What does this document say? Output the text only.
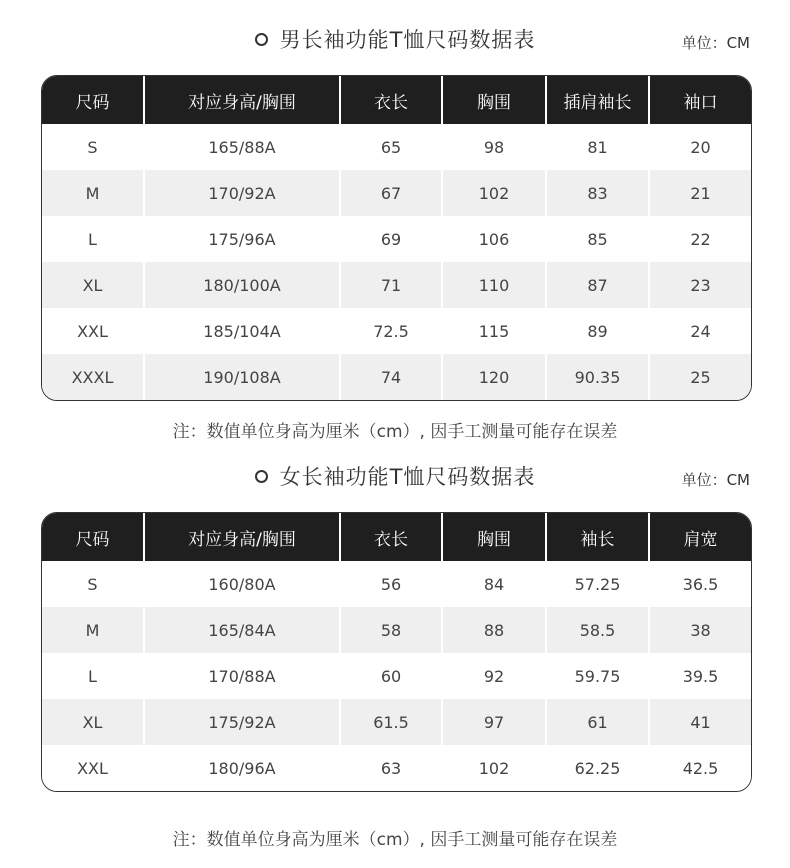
男长袖功能T恤尺码数据表	单位：CM
尺码	对应身高/胸围	衣长	胸围	插肩袖长	袖口
S	165/88A	65	98	81	20
M	170/92A	67	102	83	21
L	175/96A	69	106	85	22
XL	180/100A	71	110	87	23
XXL	185/104A	72.5	115	89	24
XXXL	190/108A	74	120	90.35	25
注：数值单位身高为厘米（cm）, 因手工测量可能存在误差
女长袖功能T恤尺码数据表	单位：CM
尺码	对应身高/胸围	衣长	胸围	袖长	肩宽
S	160/80A	56	84	57.25	36.5
M	165/84A	58	88	58.5	38
L	170/88A	60	92	59.75	39.5
XL	175/92A	61.5	97	61	41
XXL	180/96A	63	102	62.25	42.5
注：数值单位身高为厘米（cm）, 因手工测量可能存在误差
